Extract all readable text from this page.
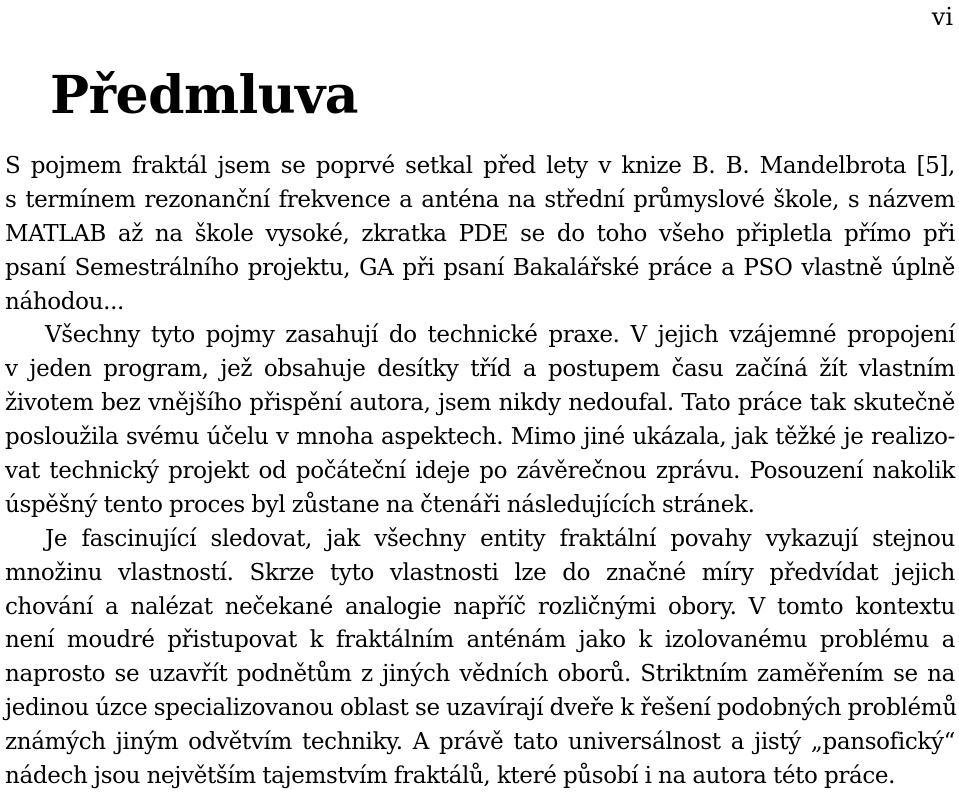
vi
Předmluva
S pojmem fraktál jsem se poprvé setkal před lety v knize B. B. Mandelbrota [5],
s termínem rezonanční frekvence a anténa na střední průmyslové škole, s názvem
MATLAB až na škole vysoké, zkratka PDE se do toho všeho připletla přímo při
psaní Semestrálního projektu, GA při psaní Bakalářské práce a PSO vlastně úplně
náhodou...
Všechny tyto pojmy zasahují do technické praxe. V jejich vzájemné propojení
v jeden program, jež obsahuje desítky tříd a postupem času začíná žít vlastním
životem bez vnějšího přispění autora, jsem nikdy nedoufal. Tato práce tak skutečně
posloužila svému účelu v mnoha aspektech. Mimo jiné ukázala, jak těžké je realizo-
vat technický projekt od počáteční ideje po závěrečnou zprávu. Posouzení nakolik
úspěšný tento proces byl zůstane na čtenáři následujících stránek.
Je fascinující sledovat, jak všechny entity fraktální povahy vykazují stejnou
množinu vlastností. Skrze tyto vlastnosti lze do značné míry předvídat jejich
chování a nalézat nečekané analogie napříč rozličnými obory. V tomto kontextu
není moudré přistupovat k fraktálním anténám jako k izolovanému problému a
naprosto se uzavřít podnětům z jiných vědních oborů. Striktním zaměřením se na
jedinou úzce specializovanou oblast se uzavírají dveře k řešení podobných problémů
známých jiným odvětvím techniky. A právě tato universálnost a jistý „pansofický“
nádech jsou největším tajemstvím fraktálů, které působí i na autora této práce.
